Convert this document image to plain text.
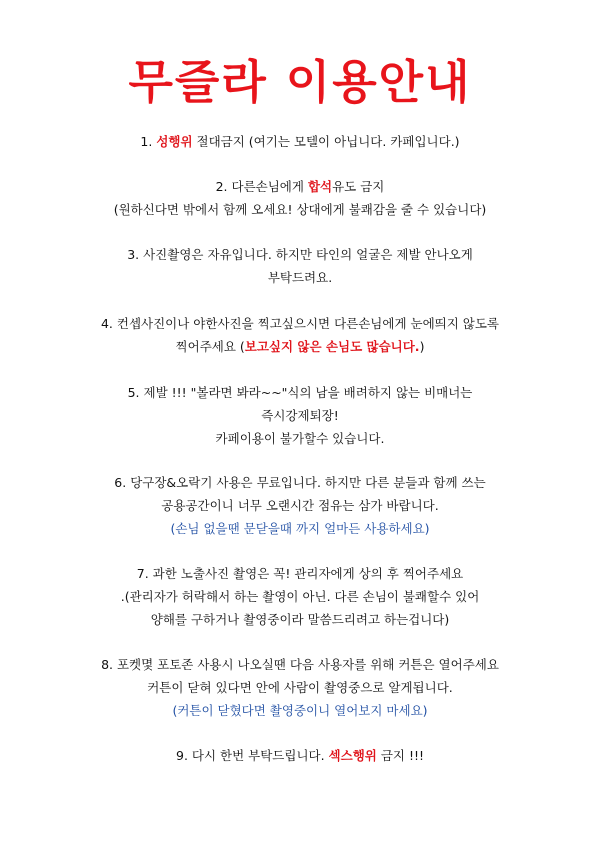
무즐라 이용안내
1. 성행위 절대금지 (여기는 모텔이 아닙니다. 카페입니다.)
2. 다른손님에게 합석유도 금지
(원하신다면 밖에서 함께 오세요! 상대에게 불쾌감을 줄 수 있습니다)
3. 사진촬영은 자유입니다. 하지만 타인의 얼굴은 제발 안나오게
부탁드려요.
4. 컨셉사진이나 야한사진을 찍고싶으시면 다른손님에게 눈에띄지 않도록
찍어주세요 (보고싶지 않은 손님도 많습니다.)
5. 제발 !!! "볼라면 봐라~~"식의 남을 배려하지 않는 비매너는
즉시강제퇴장!
카페이용이 불가할수 있습니다.
6. 당구장&오락기 사용은 무료입니다. 하지만 다른 분들과 함께 쓰는
공용공간이니 너무 오랜시간 점유는 삼가 바랍니다.
(손님 없을땐 문닫을때 까지 얼마든 사용하세요)
7. 과한 노출사진 촬영은 꼭! 관리자에게 상의 후 찍어주세요
.(관리자가 허락해서 하는 촬영이 아닌. 다른 손님이 불쾌할수 있어
양해를 구하거나 촬영중이라 말씀드리려고 하는겁니다)
8. 포켓몇 포토존 사용시 나오실땐 다음 사용자를 위해 커튼은 열어주세요
커튼이 닫혀 있다면 안에 사람이 촬영중으로 알게됩니다.
(커튼이 닫혔다면 촬영중이니 열어보지 마세요)
9. 다시 한번 부탁드립니다. 섹스행위 금지 !!!
